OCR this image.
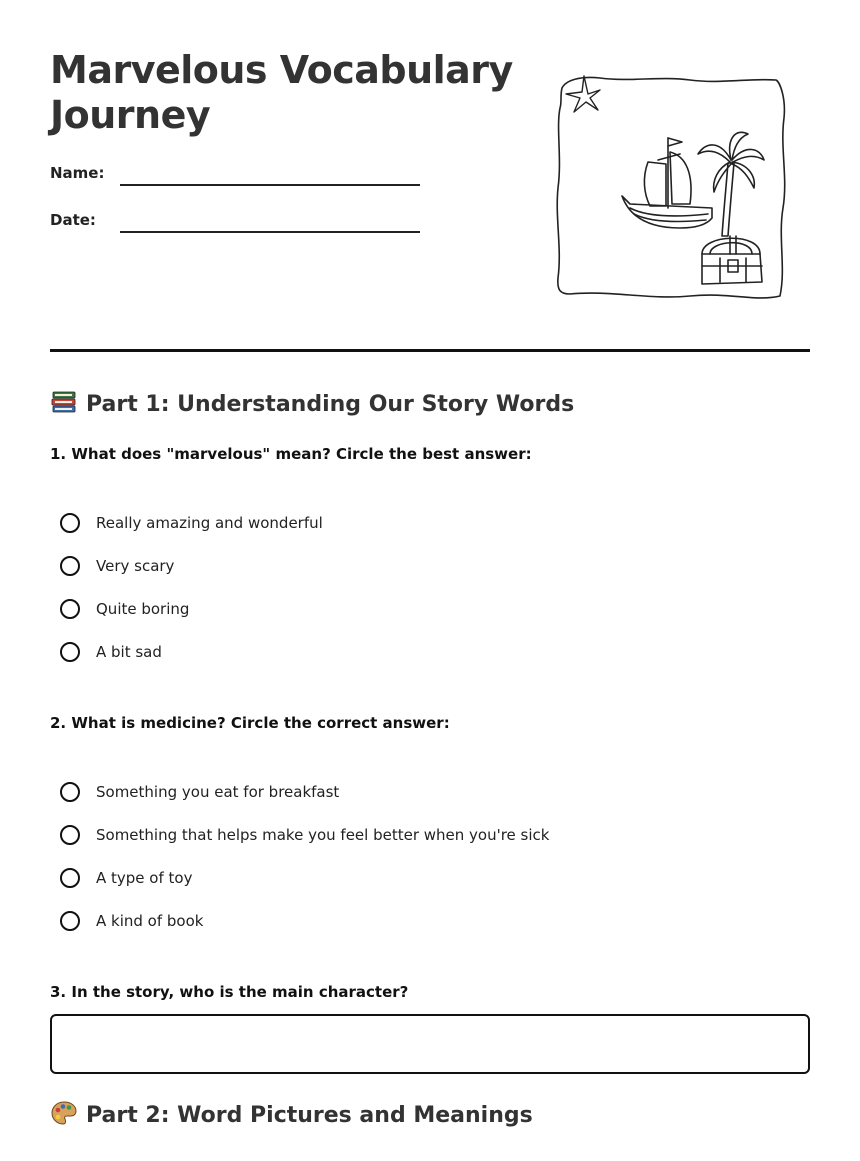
Marvelous Vocabulary Journey
Name:
Date:
Part 1: Understanding Our Story Words

1. What does "marvelous" mean? Circle the best answer:

Really amazing and wonderful
Very scary
Quite boring
A bit sad

2. What is medicine? Circle the correct answer:

Something you eat for breakfast
Something that helps make you feel better when you're sick
A type of toy
A kind of book

3. In the story, who is the main character?

Part 2: Word Pictures and Meanings
